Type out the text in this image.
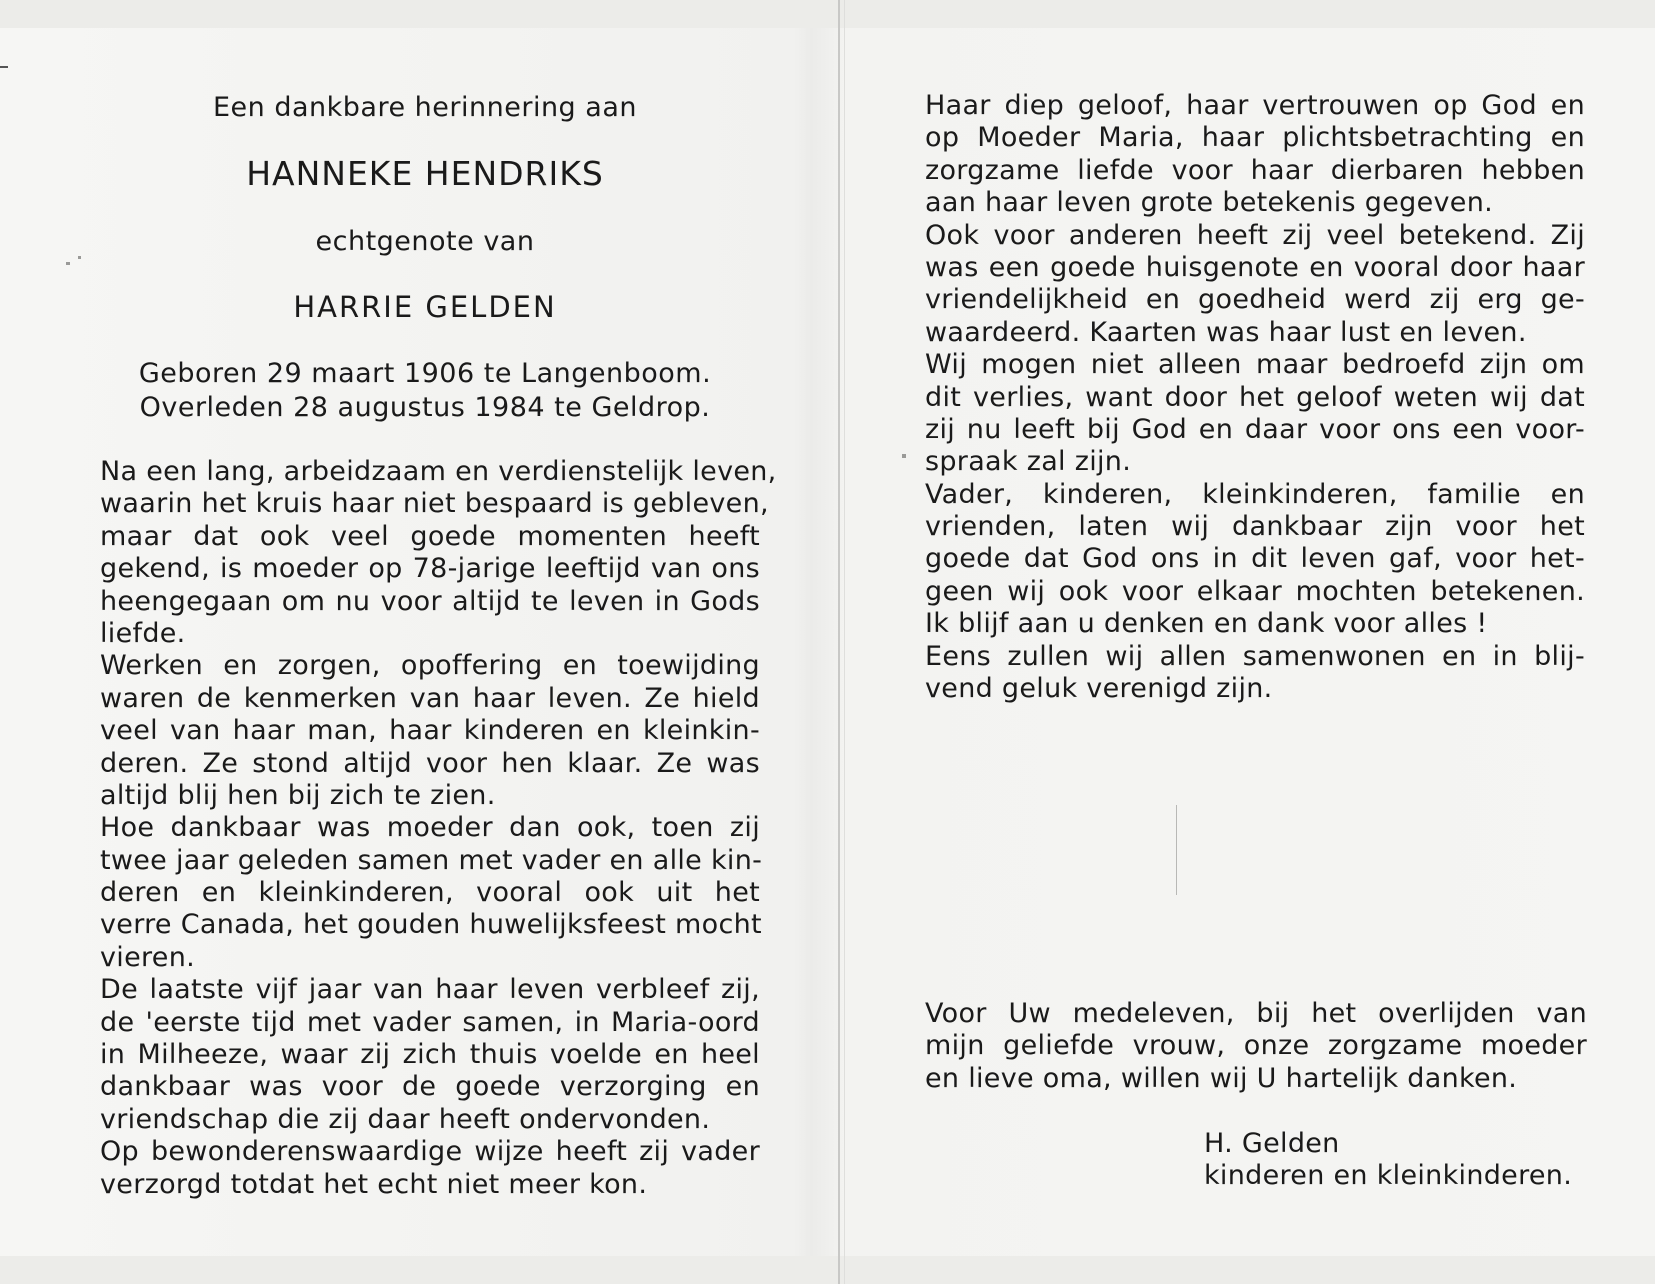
Een dankbare herinnering aan
HANNEKE HENDRIKS
echtgenote van
HARRIE GELDEN
Geboren 29 maart 1906 te Langenboom.
Overleden 28 augustus 1984 te Geldrop.
Na een lang, arbeidzaam en verdienstelijk leven,
waarin het kruis haar niet bespaard is gebleven,
maar dat ook veel goede momenten heeft
gekend, is moeder op 78-jarige leeftijd van ons
heengegaan om nu voor altijd te leven in Gods
liefde.
Werken en zorgen, opoffering en toewijding
waren de kenmerken van haar leven. Ze hield
veel van haar man, haar kinderen en kleinkin-
deren. Ze stond altijd voor hen klaar. Ze was
altijd blij hen bij zich te zien.
Hoe dankbaar was moeder dan ook, toen zij
twee jaar geleden samen met vader en alle kin-
deren en kleinkinderen, vooral ook uit het
verre Canada, het gouden huwelijksfeest mocht
vieren.
De laatste vijf jaar van haar leven verbleef zij,
de 'eerste tijd met vader samen, in Maria-oord
in Milheeze, waar zij zich thuis voelde en heel
dankbaar was voor de goede verzorging en
vriendschap die zij daar heeft ondervonden.
Op bewonderenswaardige wijze heeft zij vader
verzorgd totdat het echt niet meer kon.
Haar diep geloof, haar vertrouwen op God en
op Moeder Maria, haar plichtsbetrachting en
zorgzame liefde voor haar dierbaren hebben
aan haar leven grote betekenis gegeven.
Ook voor anderen heeft zij veel betekend. Zij
was een goede huisgenote en vooral door haar
vriendelijkheid en goedheid werd zij erg ge-
waardeerd. Kaarten was haar lust en leven.
Wij mogen niet alleen maar bedroefd zijn om
dit verlies, want door het geloof weten wij dat
zij nu leeft bij God en daar voor ons een voor-
spraak zal zijn.
Vader, kinderen, kleinkinderen, familie en
vrienden, laten wij dankbaar zijn voor het
goede dat God ons in dit leven gaf, voor het-
geen wij ook voor elkaar mochten betekenen.
Ik blijf aan u denken en dank voor alles !
Eens zullen wij allen samenwonen en in blij-
vend geluk verenigd zijn.
Voor Uw medeleven, bij het overlijden van
mijn geliefde vrouw, onze zorgzame moeder
en lieve oma, willen wij U hartelijk danken.
H. Gelden
kinderen en kleinkinderen.
